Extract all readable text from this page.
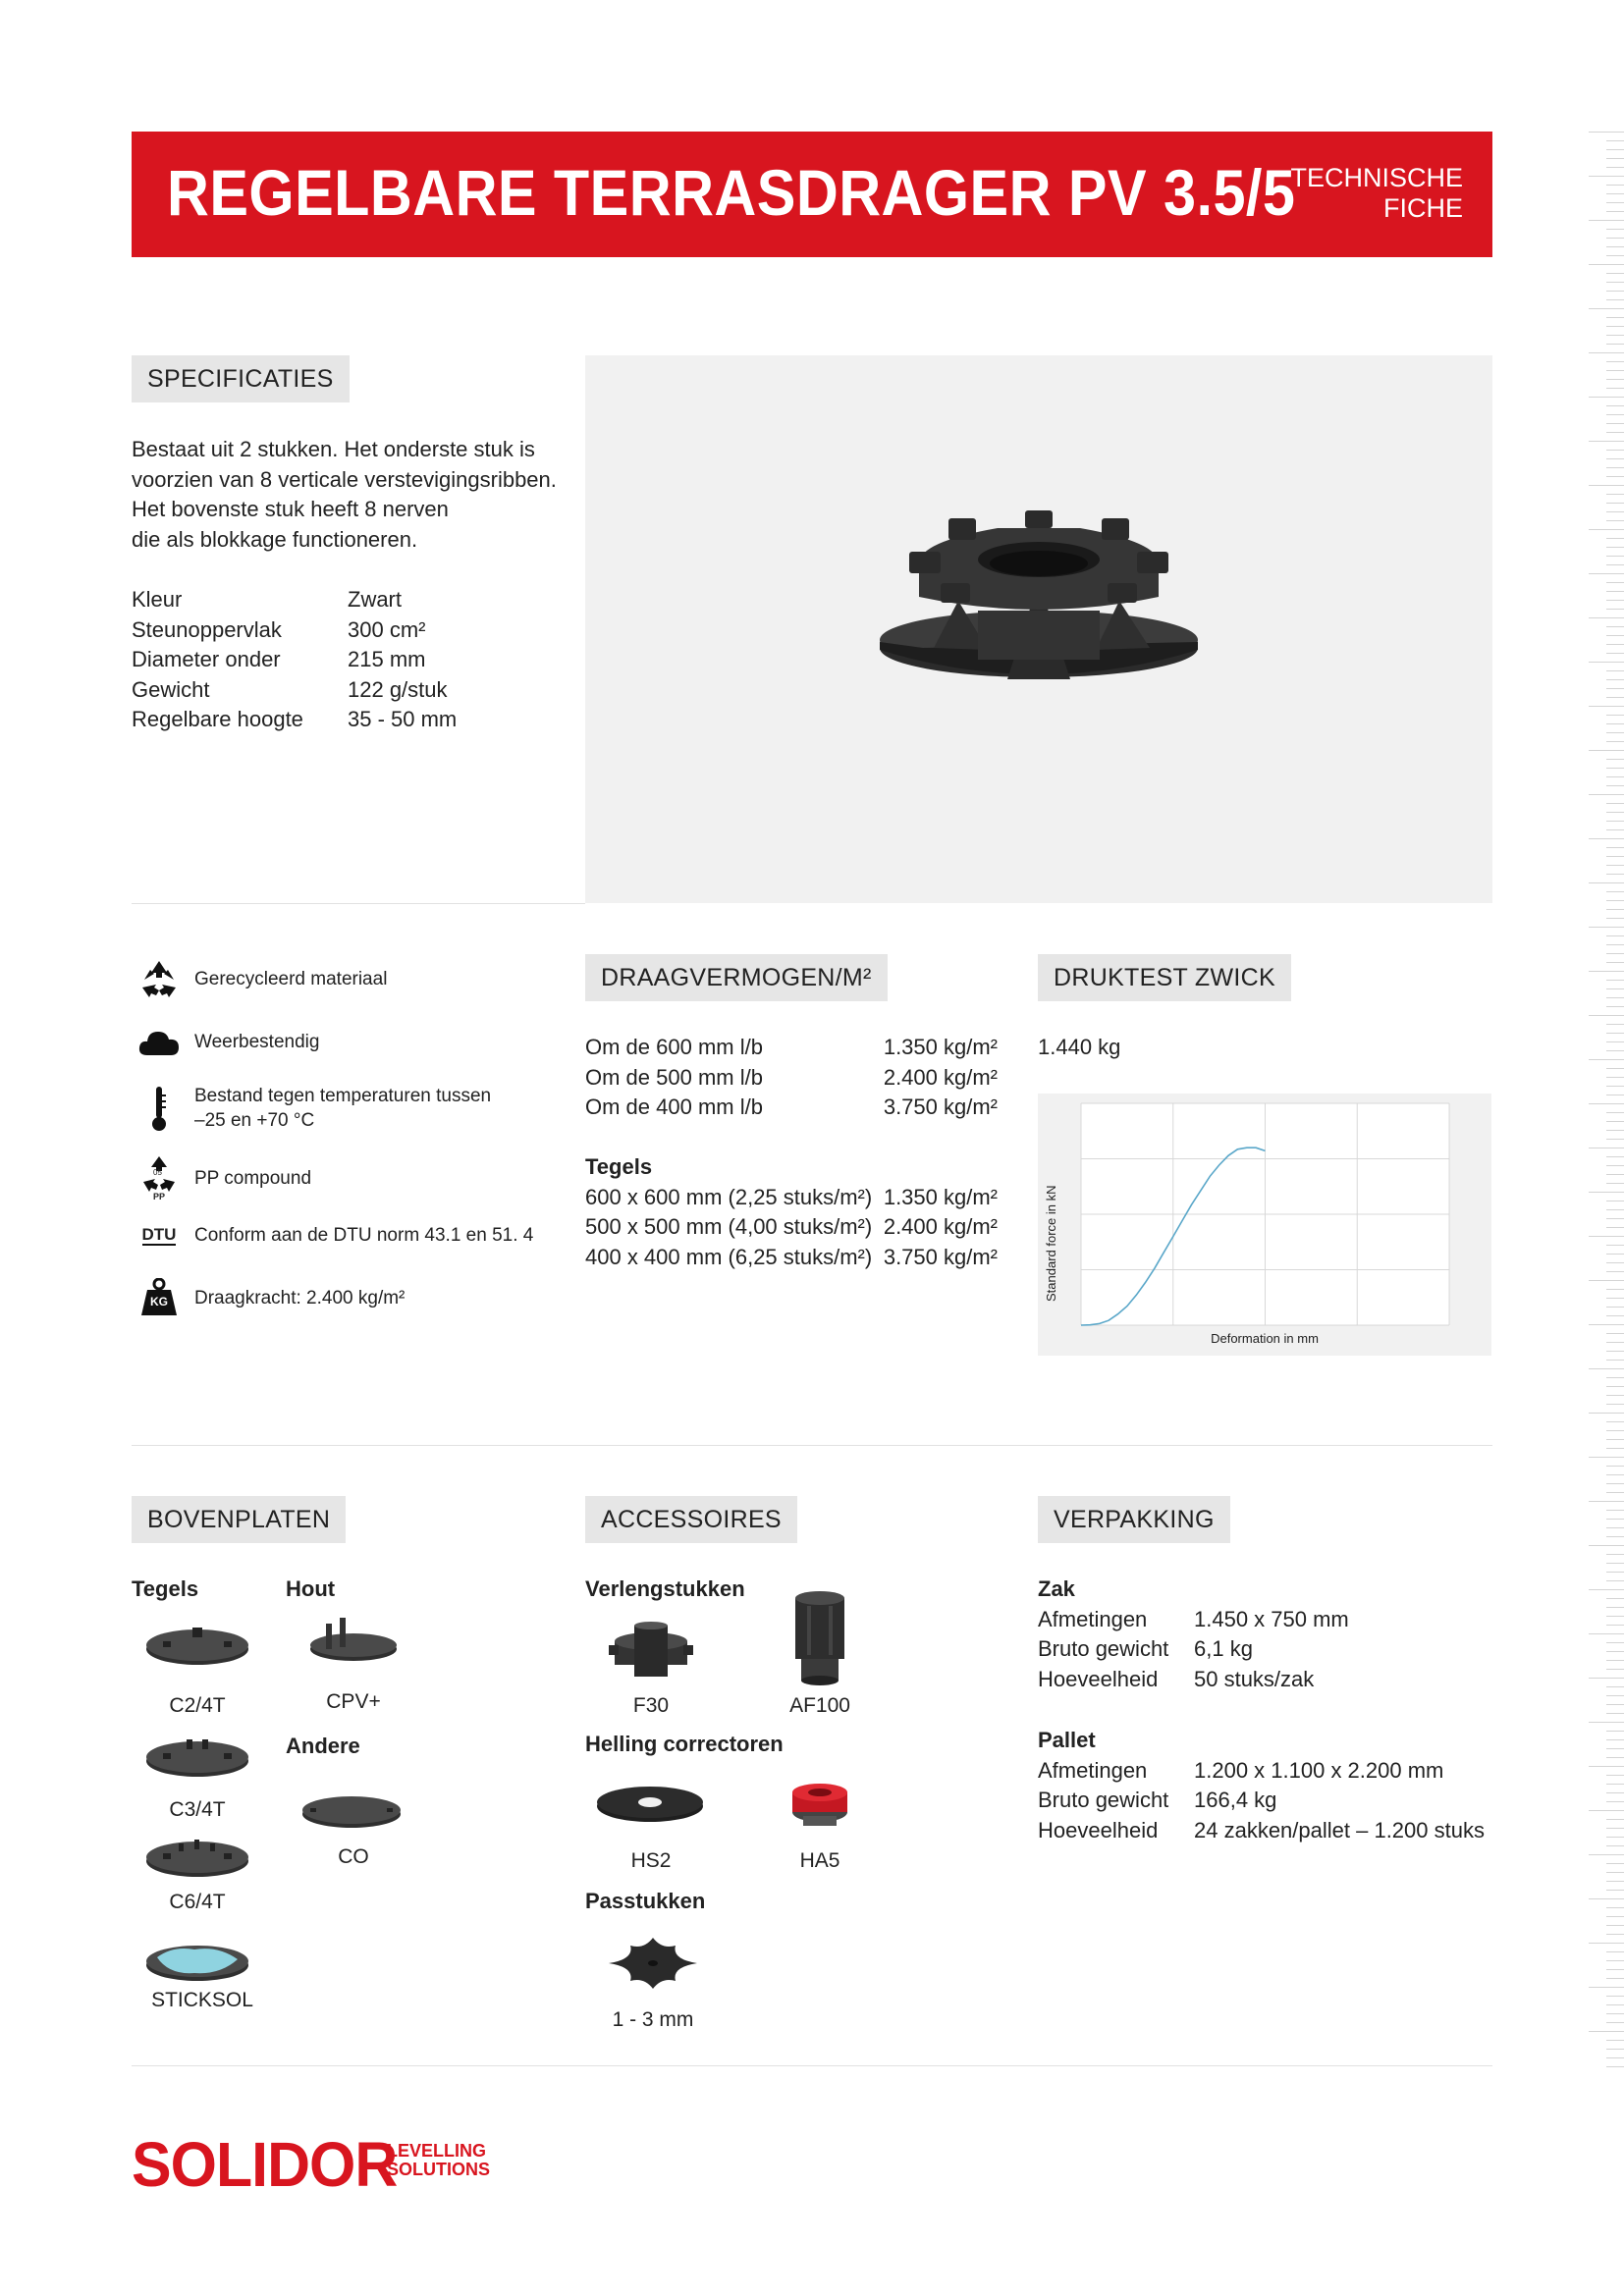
REGELBARE TERRASDRAGER PV 3.5/5
TECHNISCHE
FICHE
SPECIFICATIES
Bestaat uit 2 stukken. Het onderste stuk is
voorzien van 8 verticale verstevigingsribben.
Het bovenste stuk heeft 8 nerven
die als blokkage functioneren.
Kleur	Zwart
Steunoppervlak	300 cm²
Diameter onder	215 mm
Gewicht	122 g/stuk
Regelbare hoogte	35 - 50 mm
Gerecycleerd materiaal
Weerbestendig
Bestand tegen temperaturen tussen
–25 en +70 °C
05
PP
PP compound
DTU Conform aan de DTU norm 43.1 en 51. 4
KG	Draagkracht: 2.400 kg/m²
DRAAGVERMOGEN/M²
Om de 600 mm l/b	1.350 kg/m²
Om de 500 mm l/b	2.400 kg/m²
Om de 400 mm l/b	3.750 kg/m²
Tegels
600 x 600 mm (2,25 stuks/m²) 1.350 kg/m²
500 x 500 mm (4,00 stuks/m²) 2.400 kg/m²
400 x 400 mm (6,25 stuks/m²) 3.750 kg/m²
DRUKTEST ZWICK
1.440 kg
Standard force in kN
Deformation in mm
BOVENPLATEN
Tegels	Hout
C2/4T
C3/4T
C6/4T
STICKSOL
CPV+
Andere
CO
ACCESSOIRES
Verlengstukken
F30	AF100
Helling correctoren
HS2	HA5
Passtukken
1 - 3 mm
VERPAKKING
Zak
Afmetingen	1.450 x 750 mm
Bruto gewicht	6,1 kg
Hoeveelheid	50 stuks/zak
Pallet
Afmetingen	1.200 x 1.100 x 2.200 mm
Bruto gewicht	166,4 kg
Hoeveelheid	24 zakken/pallet – 1.200 stuks
SOLIDOR
LEVELLING
SOLUTIONS
